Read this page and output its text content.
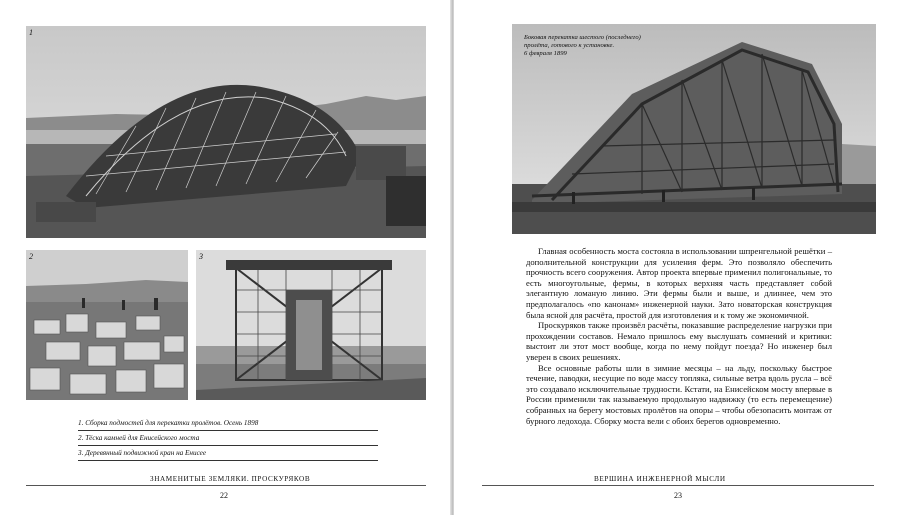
1
2	3

1. Сборка подмостей для перекатки пролётов. Осень 1898

2. Тёска камней для Енисейского моста

3. Деревянный подвижной кран на Енисее

ЗНАМЕНИТЫЕ ЗЕМЛЯКИ. ПРОСКУРЯКОВ
22

Главная особенность моста состояла в использовании шпренгельной решётки – дополнительной конструкции для усиления ферм. Это позволяло обеспечить прочность всего сооружения. Автор проекта впервые применил полигональные, то есть многоугольные, фермы, в которых верхняя часть представляет собой элегантную ломаную линию. Эти фермы были и выше, и длиннее, чем это предполагалось «по канонам» инженерной науки. Зато новаторская конструкция была ясной для расчёта, простой для изготовления и к тому же экономичной.

Проскуряков также произвёл расчёты, показавшие распределение нагрузки при прохождении составов. Немало пришлось ему выслушать сомнений и критики: выстоит ли этот мост вообще, когда по нему пойдут поезда? Но инженер был уверен в своих решениях.

Все основные работы шли в зимние месяцы – на льду, поскольку быстрое течение, паводки, несущие по воде массу топляка, сильные ветра вдоль русла – всё это создавало исключительные трудности. Кстати, на Енисейском мосту впервые в России применили так называемую продольную надвижку (то есть перемещение) собранных на берегу мостовых пролётов на опоры – чтобы обезопасить монтаж от бурного ледохода. Сборку моста вели с обоих берегов одновременно.

ВЕРШИНА ИНЖЕНЕРНОЙ МЫСЛИ
23
Боковая перекатка шестого (последнего)
пролёта, готового к установке.
6 февраля 1899
